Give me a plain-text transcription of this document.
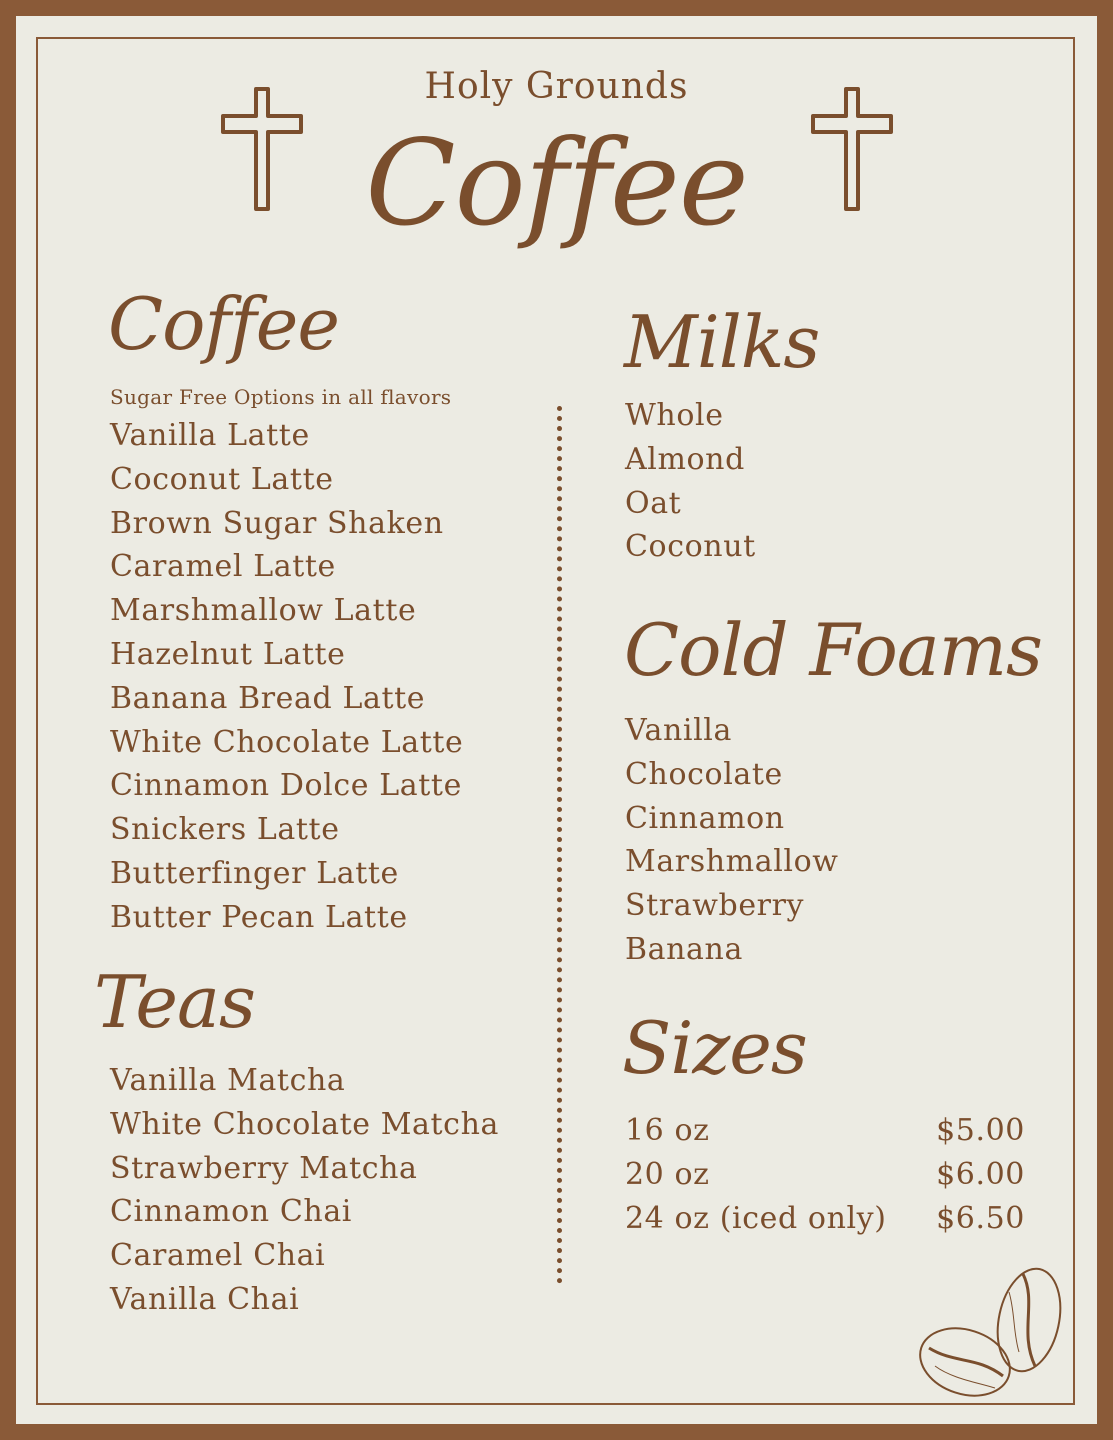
Holy Grounds
Coffee
Coffee
Sugar Free Options in all flavors
Vanilla Latte
Coconut Latte
Brown Sugar Shaken
Caramel Latte
Marshmallow Latte
Hazelnut Latte
Banana Bread Latte
White Chocolate Latte
Cinnamon Dolce Latte
Snickers Latte
Butterfinger Latte
Butter Pecan Latte
Teas
Vanilla Matcha
White Chocolate Matcha
Strawberry Matcha
Cinnamon Chai
Caramel Chai
Vanilla Chai
Milks
Whole
Almond
Oat
Coconut
Cold Foams
Vanilla
Chocolate
Cinnamon
Marshmallow
Strawberry
Banana
Sizes
16 oz	$5.00
20 oz	$6.00
24 oz (iced only) $6.50
